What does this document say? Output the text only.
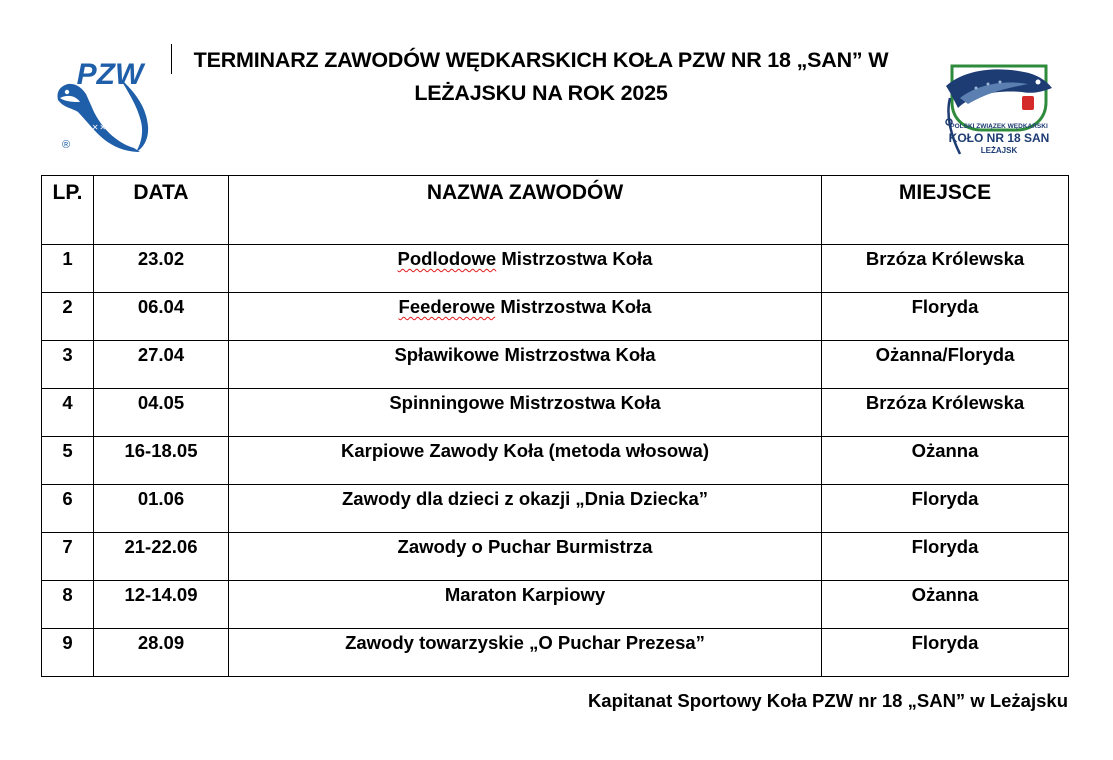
PZW
✕✕✕✕✕✕
®
TERMINARZ ZAWODÓW WĘDKARSKICH KOŁA PZW NR 18 „SAN” W
LEŻAJSKU NA ROK 2025
POLSKI ZWIĄZEK WĘDKARSKI
KOŁO NR 18 SAN
LEŻAJSK
LP.	DATA	NAZWA ZAWODÓW	MIEJSCE
1	23.02	Podlodowe Mistrzostwa Koła	Brzóza Królewska
2	06.04	Feederowe Mistrzostwa Koła	Floryda
3	27.04	Spławikowe Mistrzostwa Koła	Ożanna/Floryda
4	04.05	Spinningowe Mistrzostwa Koła	Brzóza Królewska
5	16-18.05	Karpiowe Zawody Koła (metoda włosowa)	Ożanna
6	01.06	Zawody dla dzieci z okazji „Dnia Dziecka”	Floryda
7	21-22.06	Zawody o Puchar Burmistrza	Floryda
8	12-14.09	Maraton Karpiowy	Ożanna
9	28.09	Zawody towarzyskie „O Puchar Prezesa”	Floryda
Kapitanat Sportowy Koła PZW nr 18 „SAN” w Leżajsku
